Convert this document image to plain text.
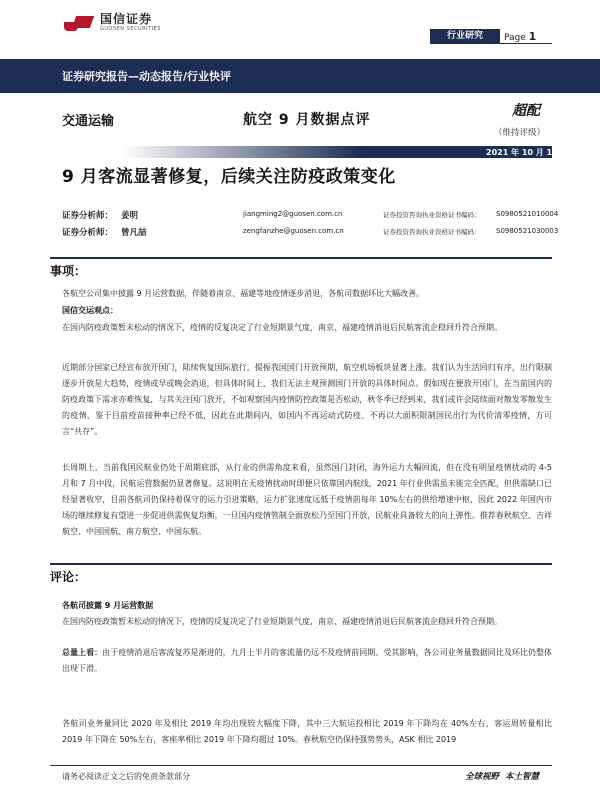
国信证券
GUOSEN SECURITIES
行业研究	Page 1
证券研究报告—动态报告/行业快评
交通运输	航空 9 月数据点评
超配
（维持评级）
2021 年 10 月 18 日
9 月客流显著修复，后续关注防疫政策变化
证券分析师： 姜明	jiangming2@guosen.com.cn	证券投资咨询执业资格证书编码： S0980521010004
证券分析师： 曾凡喆	zengfanzhe@guosen.com.cn	证券投资咨询执业资格证书编码： S0980521030003
事项：

各航空公司集中披露 9 月运营数据，伴随着南京、福建等地疫情逐步消退，各航司数据环比大幅改善。

国信交运观点：

在国内防疫政策暂未松动的情况下，疫情的反复决定了行业短期景气度，南京、福建疫情消退后民航客流企稳回升符合预期。

近期部分国家已经宣布放开国门，陆续恢复国际旅行，提振我国国门开放预期，航空机场板块显著上涨。我们认为生活回归有序，出行限制逐步开放是大趋势，疫情或早或晚会消退，但具体时间上，我们无法主观预测国门开放的具体时间点。假如现在便放开国门，在当前国内的防疫政策下需求亦难恢复，与其关注国门放开，不如观察国内疫情防控政策是否松动，秋冬季已经到来，我们或许会陆续面对散发零散发生的疫情，鉴于目前疫苗接种率已经不低，因此在此期间内，如国内不再运动式防疫、不再以大面积限制国民出行为代价清零疫情，方可言“共存”。

长周期上，当前我国民航业仍处于周期底部，从行业的供需角度来看，虽然国门封闭，海外运力大幅回流，但在没有明显疫情扰动的 4-5 月和 7 月中段，民航运营数据仍显著修复。这说明在无疫情扰动时即便只依靠国内航线，2021 年行业供需虽未能完全匹配，但供需缺口已经显著收窄，目前各航司仍保持着保守的运力引进策略，运力扩张速度远低于疫情前每年 10%左右的供给增速中枢，因此 2022 年国内市场的继续修复有望进一步促进供需恢复均衡，一旦国内疫情管制全面放松乃至国门开放，民航业具备较大的向上弹性。推荐春秋航空、吉祥航空、中国国航、南方航空、中国东航。

评论：
各航司披露 9 月运营数据

在国内防疫政策暂未松动的情况下，疫情的反复决定了行业短期景气度，南京、福建疫情消退后民航客流企稳回升符合预期。

总量上看：由于疫情消退后客流复苏是渐进的，九月上半月的客流量仍远不及疫情前同期、受其影响，各公司业务量数据同比及环比仍整体出现下滑。

各航司业务量同比 2020 年及相比 2019 年均出现较大幅度下降，其中三大航运投相比 2019 年下降均在 40%左右，客运周转量相比 2019 年下降在 50%左右，客座率相比 2019 年下降均超过 10%。春秋航空仍保持强势势头，ASK 相比 2019

请务必阅读正文之后的免责条款部分	全球视野 本土智慧
